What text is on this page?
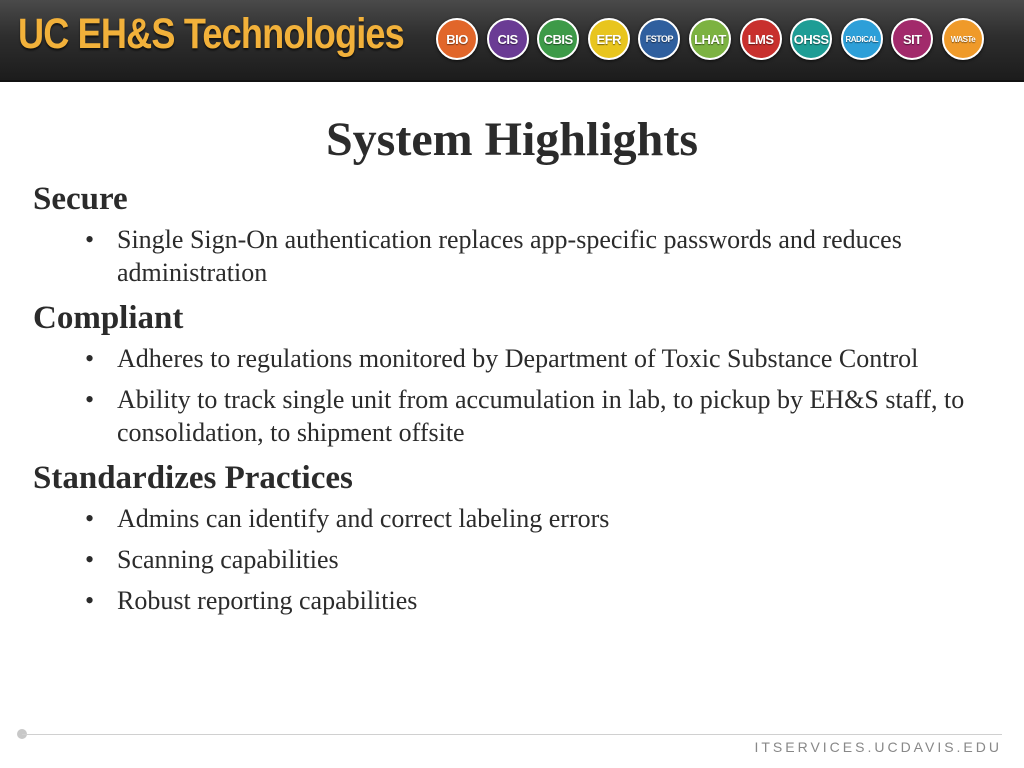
UC EH&S Technologies	BIO CIS CBIS EFR	FSTOP LHAT LMS OHSS RADiCAL SIT	WASTe
System Highlights
Secure
• Single Sign-On authentication replaces app-specific passwords and reduces administration
Compliant
• Adheres to regulations monitored by Department of Toxic Substance Control
• Ability to track single unit from accumulation in lab, to pickup by EH&S staff, to consolidation, to shipment offsite
Standardizes Practices
• Admins can identify and correct labeling errors
• Scanning capabilities
• Robust reporting capabilities
ITSERVICES.UCDAVIS.EDU
